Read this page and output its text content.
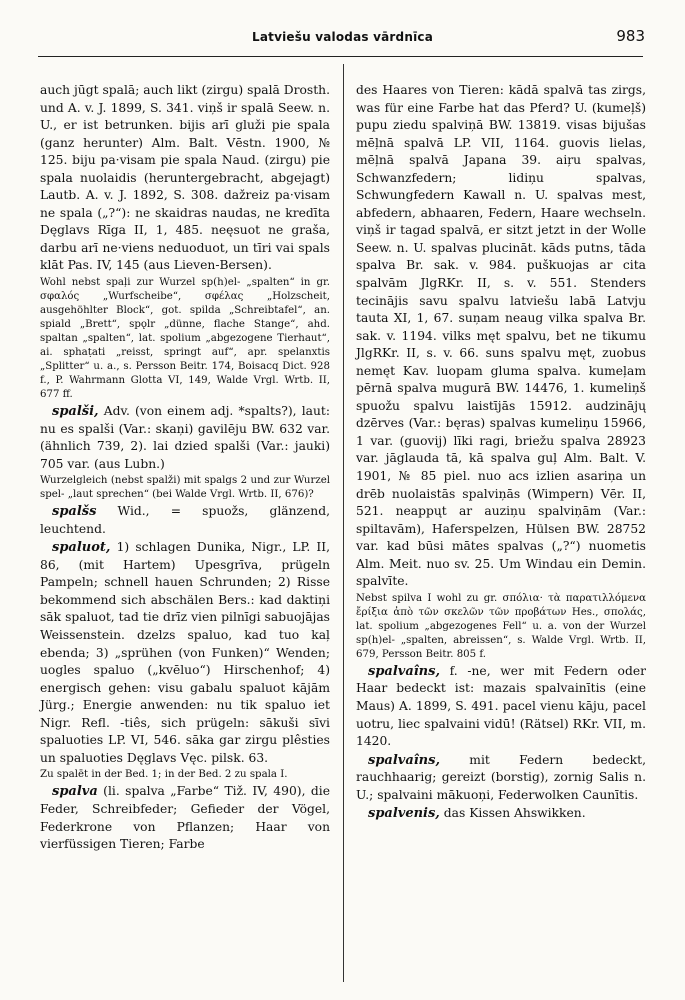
Latviešu valodas vārdnīca	983

auch jūgt spalā; auch likt (zirgu) spalā Drosth. und A. v. J. 1899, S. 341. viņš ir spalā Seew. n. U., er ist betrunken. bijis arī gluži pie spala (ganz herunter) Alm. Balt. Vēstn. 1900, № 125. biju pa·visam pie spala Naud. (zirgu) pie spala nuolaidis (heruntergebracht, abgejagt) Lautb. A. v. J. 1892, S. 308. dažreiz pa·visam ne spala („?“): ne skaidras naudas, ne kredīta Dęglavs Rīga II, 1, 485. neęsuot ne graša, darbu arī ne·viens neduoduot, un tīri vai spals klāt Pas. IV, 145 (aus Lieven-Bersen).

Wohl nebst spaļi zur Wurzel sp(h)el- „spalten“ in gr. σφαλός „Wurfscheibe“, σφέλας „Holzscheit, ausgehöhlter Block“, got. spilda „Schreibtafel“, an. spiald „Brett“, spǫlr „dünne, flache Stange“, ahd. spaltan „spalten“, lat. spolium „abgezogene Tierhaut“, ai. sphaṭati „reisst, springt auf“, apr. spelanxtis „Splitter“ u. a., s. Persson Beitr. 174, Boisacq Dict. 928 f., P. Wahrmann Glotta VI, 149, Walde Vrgl. Wrtb. II, 677 ff.

spalši, Adv. (von einem adj. *spalts?), laut: nu es spalši (Var.: skaņi) gavilēju BW. 632 var. (ähnlich 739, 2). lai dzied spalši (Var.: jauki) 705 var. (aus Lubn.)

Wurzelgleich (nebst spalži) mit spalgs 2 und zur Wurzel spel- „laut sprechen“ (bei Walde Vrgl. Wrtb. II, 676)?

spalšs Wid., = spuožs, glänzend, leuchtend.

spaluot, 1) schlagen Dunika, Nigr., LP. II, 86, (mit Hartem) Upesgrīva, prügeln Pampeln; schnell hauen Schrunden; 2) Risse bekommend sich abschälen Bers.: kad daktiņi sāk spaluot, tad tie drīz vien pilnīgi sabuojājas Weissenstein. dzelzs spaluo, kad tuo kaļ ebenda; 3) „sprühen (von Funken)“ Wenden; uogles spaluo („kvēluo“) Hirschenhof; 4) energisch gehen: visu gabalu spaluot kājām Jürg.; Energie anwenden: nu tik spaluo iet Nigr. Refl. -tiês, sich prügeln: sākuši sīvi spaluoties LP. VI, 546. sāka gar zirgu plêsties un spaluoties Dęglavs Vęc. pilsk. 63.

Zu spalēt in der Bed. 1; in der Bed. 2 zu spala I.

spalva (li. spalva „Farbe“ Tiž. IV, 490), die Feder, Schreibfeder; Gefieder der Vögel, Federkrone von Pflanzen; Haar von vierfüssigen Tieren; Farbe

des Haares von Tieren: kādā spalvā tas zirgs, was für eine Farbe hat das Pferd? U. (kumeļš) pupu ziedu spalviņā BW. 13819. visas bijušas mēļnā spalvā LP. VII, 1164. guovis lielas, mēļnā spalvā Japana 39. aiŗu spalvas, Schwanzfedern; lidiņu spalvas, Schwungfedern Kawall n. U. spalvas mest, abfedern, abhaaren, Federn, Haare wechseln. viņš ir tagad spalvā, er sitzt jetzt in der Wolle Seew. n. U. spalvas plucināt. kāds putns, tāda spalva Br. sak. v. 984. puškuojas ar cita spalvām JlgRKr. II, s. v. 551. Stenders tecināјis savu spalvu latviešu labā Latvju tauta XI, 1, 67. suņam neaug vilka spalva Br. sak. v. 1194. vilks męt spalvu, bet ne tikumu JlgRKr. II, s. v. 66. suns spalvu męt, zuobus nemęt Kav. luopam gluma spalva. kumeļam pērnā spalva mugurā BW. 14476, 1. kumeliņš spuožu spalvu laistījās 15912. audzinājų dzērves (Var.: bęras) spalvas kumeliņu 15966, 1 var. (guovij) līki ragi, briežu spalva 28923 var. jāglauda tā, kā spalva guļ Alm. Balt. V. 1901, № 85 piel. nuo acs izlien asariņa un drēb nuolaistās spalviņās (Wimpern) Vēr. II, 521. neappųt ar auziņu spalviņām (Var.: spiltavām), Haferspelzen, Hülsen BW. 28752 var. kad būsi mātes spalvas („?“) nuometis Alm. Meit. nuo sv. 25. Um Windau ein Demin. spalvīte.

Nebst spilva I wohl zu gr. σπόλια· τὰ παρατιλλόμενα ἔρίξια ἀπὸ τῶν σκελῶν τῶν προβάτων Hes., σπολάς, lat. spolium „abgezogenes Fell“ u. a. von der Wurzel sp(h)el- „spalten, abreissen“, s. Walde Vrgl. Wrtb. II, 679, Persson Beitr. 805 f.

spalvaîns, f. -ne, wer mit Federn oder Haar bedeckt ist: mazais spalvainītis (eine Maus) A. 1899, S. 491. pacel vienu kāju, pacel uotru, liec spalvaini vidū! (Rätsel) RKr. VII, m. 1420.

spalvaîns, mit Federn bedeckt, rauchhaarig; gereizt (borstig), zornig Salis n. U.; spalvaini mākuoņi, Federwolken Caunītis.

spalvenis, das Kissen Ahswikken.
